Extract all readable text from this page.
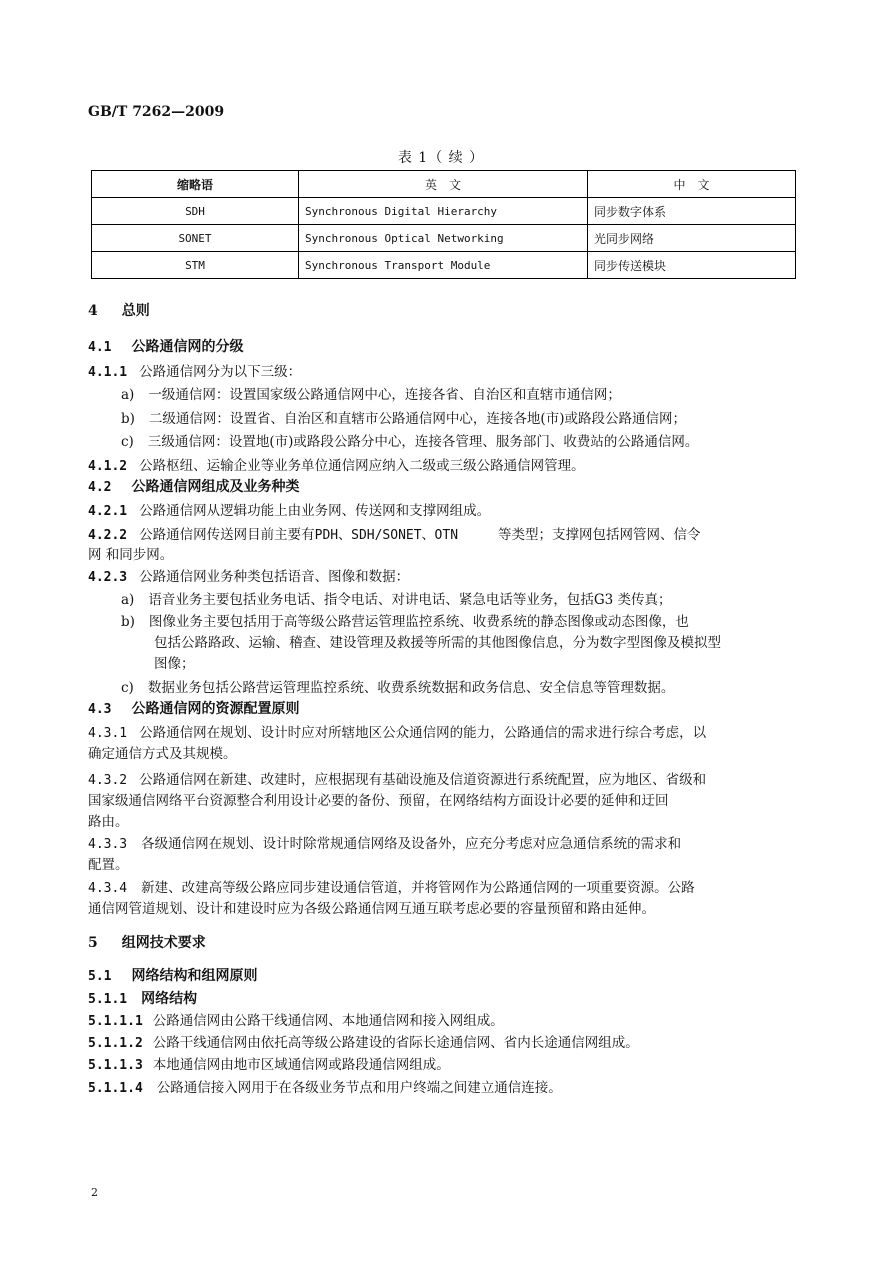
GB/T 7262—2009
表 1（ 续 ）
缩略语	英　文	中　文
SDH	Synchronous Digital Hierarchy	同步数字体系
SONET	Synchronous Optical Networking	光同步网络
STM	Synchronous Transport Module	同步传送模块
4 总则
4.1 公路通信网的分级
4.1.1 公路通信网分为以下三级：
a) 一级通信网：设置国家级公路通信网中心，连接各省、自治区和直辖市通信网；
b) 二级通信网：设置省、自治区和直辖市公路通信网中心，连接各地(市)或路段公路通信网；
c) 三级通信网：设置地(市)或路段公路分中心，连接各管理、服务部门、收费站的公路通信网。
4.1.2 公路枢纽、运输企业等业务单位通信网应纳入二级或三级公路通信网管理。
4.2 公路通信网组成及业务种类
4.2.1 公路通信网从逻辑功能上由业务网、传送网和支撑网组成。
4.2.2 公路通信网传送网目前主要有PDH、SDH/SONET、OTN	等类型；支撑网包括网管网、信令
网 和同步网。
4.2.3 公路通信网业务种类包括语音、图像和数据：
a) 语音业务主要包括业务电话、指令电话、对讲电话、紧急电话等业务，包括G3 类传真；
b) 图像业务主要包括用于高等级公路营运管理监控系统、收费系统的静态图像或动态图像，也
包括公路路政、运输、稽查、建设管理及救援等所需的其他图像信息，分为数字型图像及模拟型
图像；
c) 数据业务包括公路营运管理监控系统、收费系统数据和政务信息、安全信息等管理数据。
4.3 公路通信网的资源配置原则
4.3.1 公路通信网在规划、设计时应对所辖地区公众通信网的能力，公路通信的需求进行综合考虑，以
确定通信方式及其规模。
4.3.2 公路通信网在新建、改建时，应根据现有基础设施及信道资源进行系统配置，应为地区、省级和
国家级通信网络平台资源整合利用设计必要的备份、预留，在网络结构方面设计必要的延伸和迂回
路由。
4.3.3 各级通信网在规划、设计时除常规通信网络及设备外，应充分考虑对应急通信系统的需求和
配置。
4.3.4 新建、改建高等级公路应同步建设通信管道，并将管网作为公路通信网的一项重要资源。公路
通信网管道规划、设计和建设时应为各级公路通信网互通互联考虑必要的容量预留和路由延伸。
5 组网技术要求
5.1 网络结构和组网原则
5.1.1 网络结构
5.1.1.1 公路通信网由公路干线通信网、本地通信网和接入网组成。
5.1.1.2 公路干线通信网由依托高等级公路建设的省际长途通信网、省内长途通信网组成。
5.1.1.3 本地通信网由地市区域通信网或路段通信网组成。
5.1.1.4 公路通信接入网用于在各级业务节点和用户终端之间建立通信连接。
2
